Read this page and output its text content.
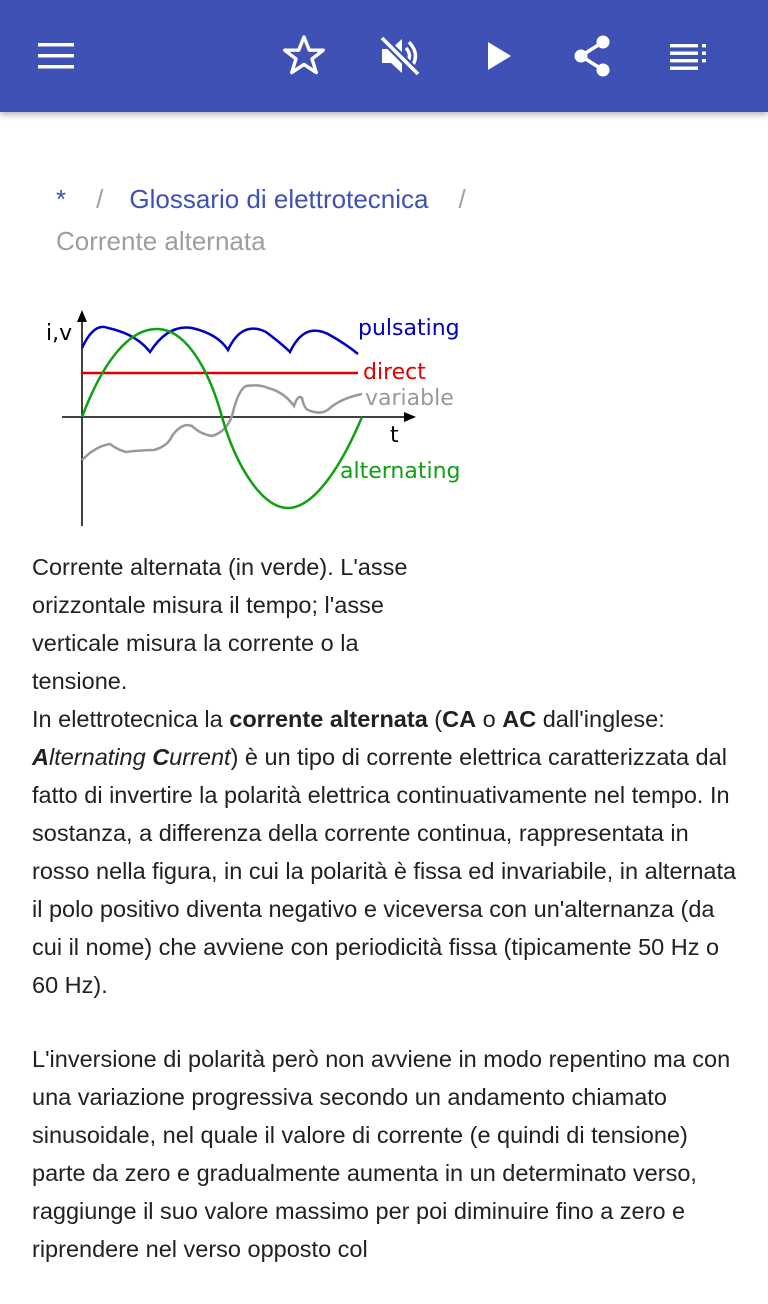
* / Glossario di elettrotecnica /
Corrente alternata
i,v
t
direct
pulsating
variable
alternating

Corrente alternata (in verde). L'asse orizzontale misura il tempo; l'asse verticale misura la corrente o la tensione.

In elettrotecnica la corrente alternata (CA o AC dall'inglese: Alternating Current) è un tipo di corrente elettrica caratterizzata dal fatto di invertire la polarità elettrica continuativamente nel tempo. In sostanza, a differenza della corrente continua, rappresentata in rosso nella figura, in cui la polarità è fissa ed invariabile, in alternata il polo positivo diventa negativo e viceversa con un'alternanza (da cui il nome) che avviene con periodicità fissa (tipicamente 50 Hz o 60 Hz).

L'inversione di polarità però non avviene in modo repentino ma con una variazione progressiva secondo un andamento chiamato sinusoidale, nel quale il valore di corrente (e quindi di tensione) parte da zero e gradualmente aumenta in un determinato verso, raggiunge il suo valore massimo per poi diminuire fino a zero e riprendere nel verso opposto col
